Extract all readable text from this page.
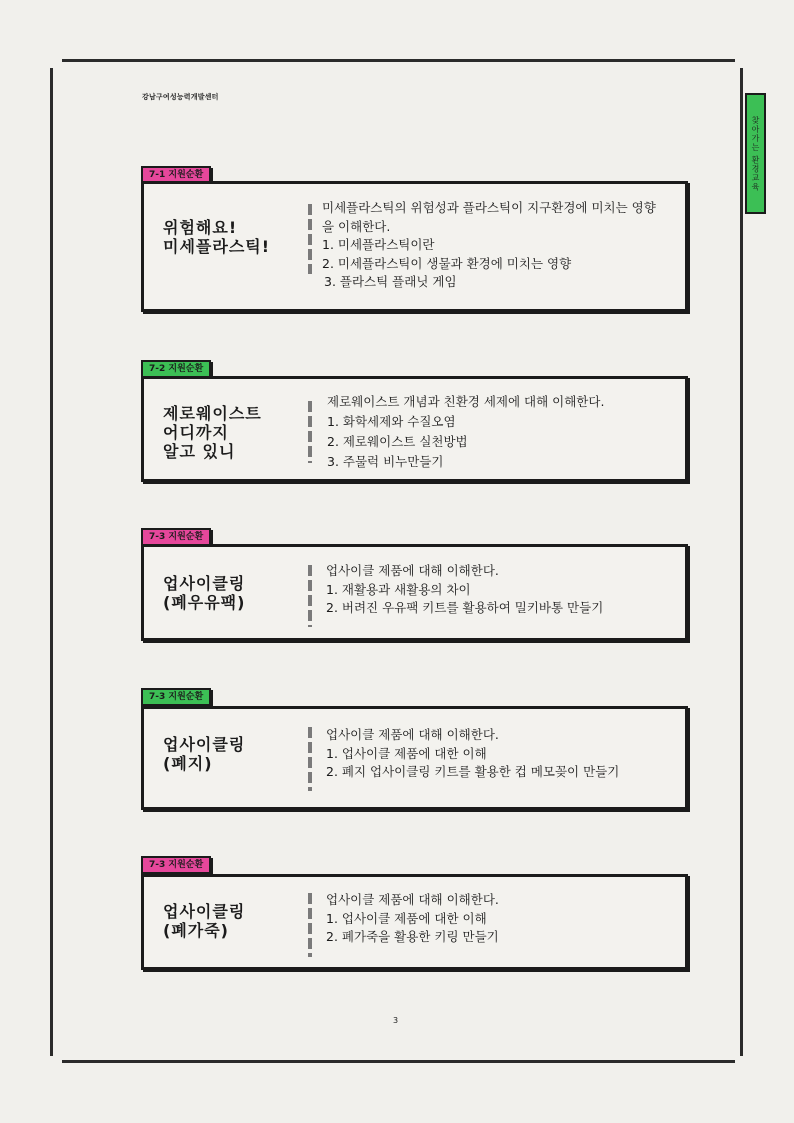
강남구여성능력개발센터
찾아가는 환경교육
7-1 지원순환
위험해요!
미세플라스틱!
미세플라스틱의 위험성과 플라스틱이 지구환경에 미치는 영향
을 이해한다.
1. 미세플라스틱이란
2. 미세플라스틱이 생물과 환경에 미치는 영향
3. 플라스틱 플래닛 게임
7-2 지원순환
제로웨이스트
어디까지
알고 있니
제로웨이스트 개념과 친환경 세제에 대해 이해한다.
1. 화학세제와 수질오염
2. 제로웨이스트 실천방법
3. 주물럭 비누만들기
7-3 지원순환
업사이클링
(폐우유팩)
업사이클 제품에 대해 이해한다.
1. 재활용과 새활용의 차이
2. 버려진 우유팩 키트를 활용하여 밀키바통 만들기
7-3 지원순환
업사이클링
(폐지)
업사이클 제품에 대해 이해한다.
1. 업사이클 제품에 대한 이해
2. 폐지 업사이클링 키트를 활용한 컵 메모꽂이 만들기
7-3 지원순환
업사이클링
(폐가죽)
업사이클 제품에 대해 이해한다.
1. 업사이클 제품에 대한 이해
2. 폐가죽을 활용한 키링 만들기
3
